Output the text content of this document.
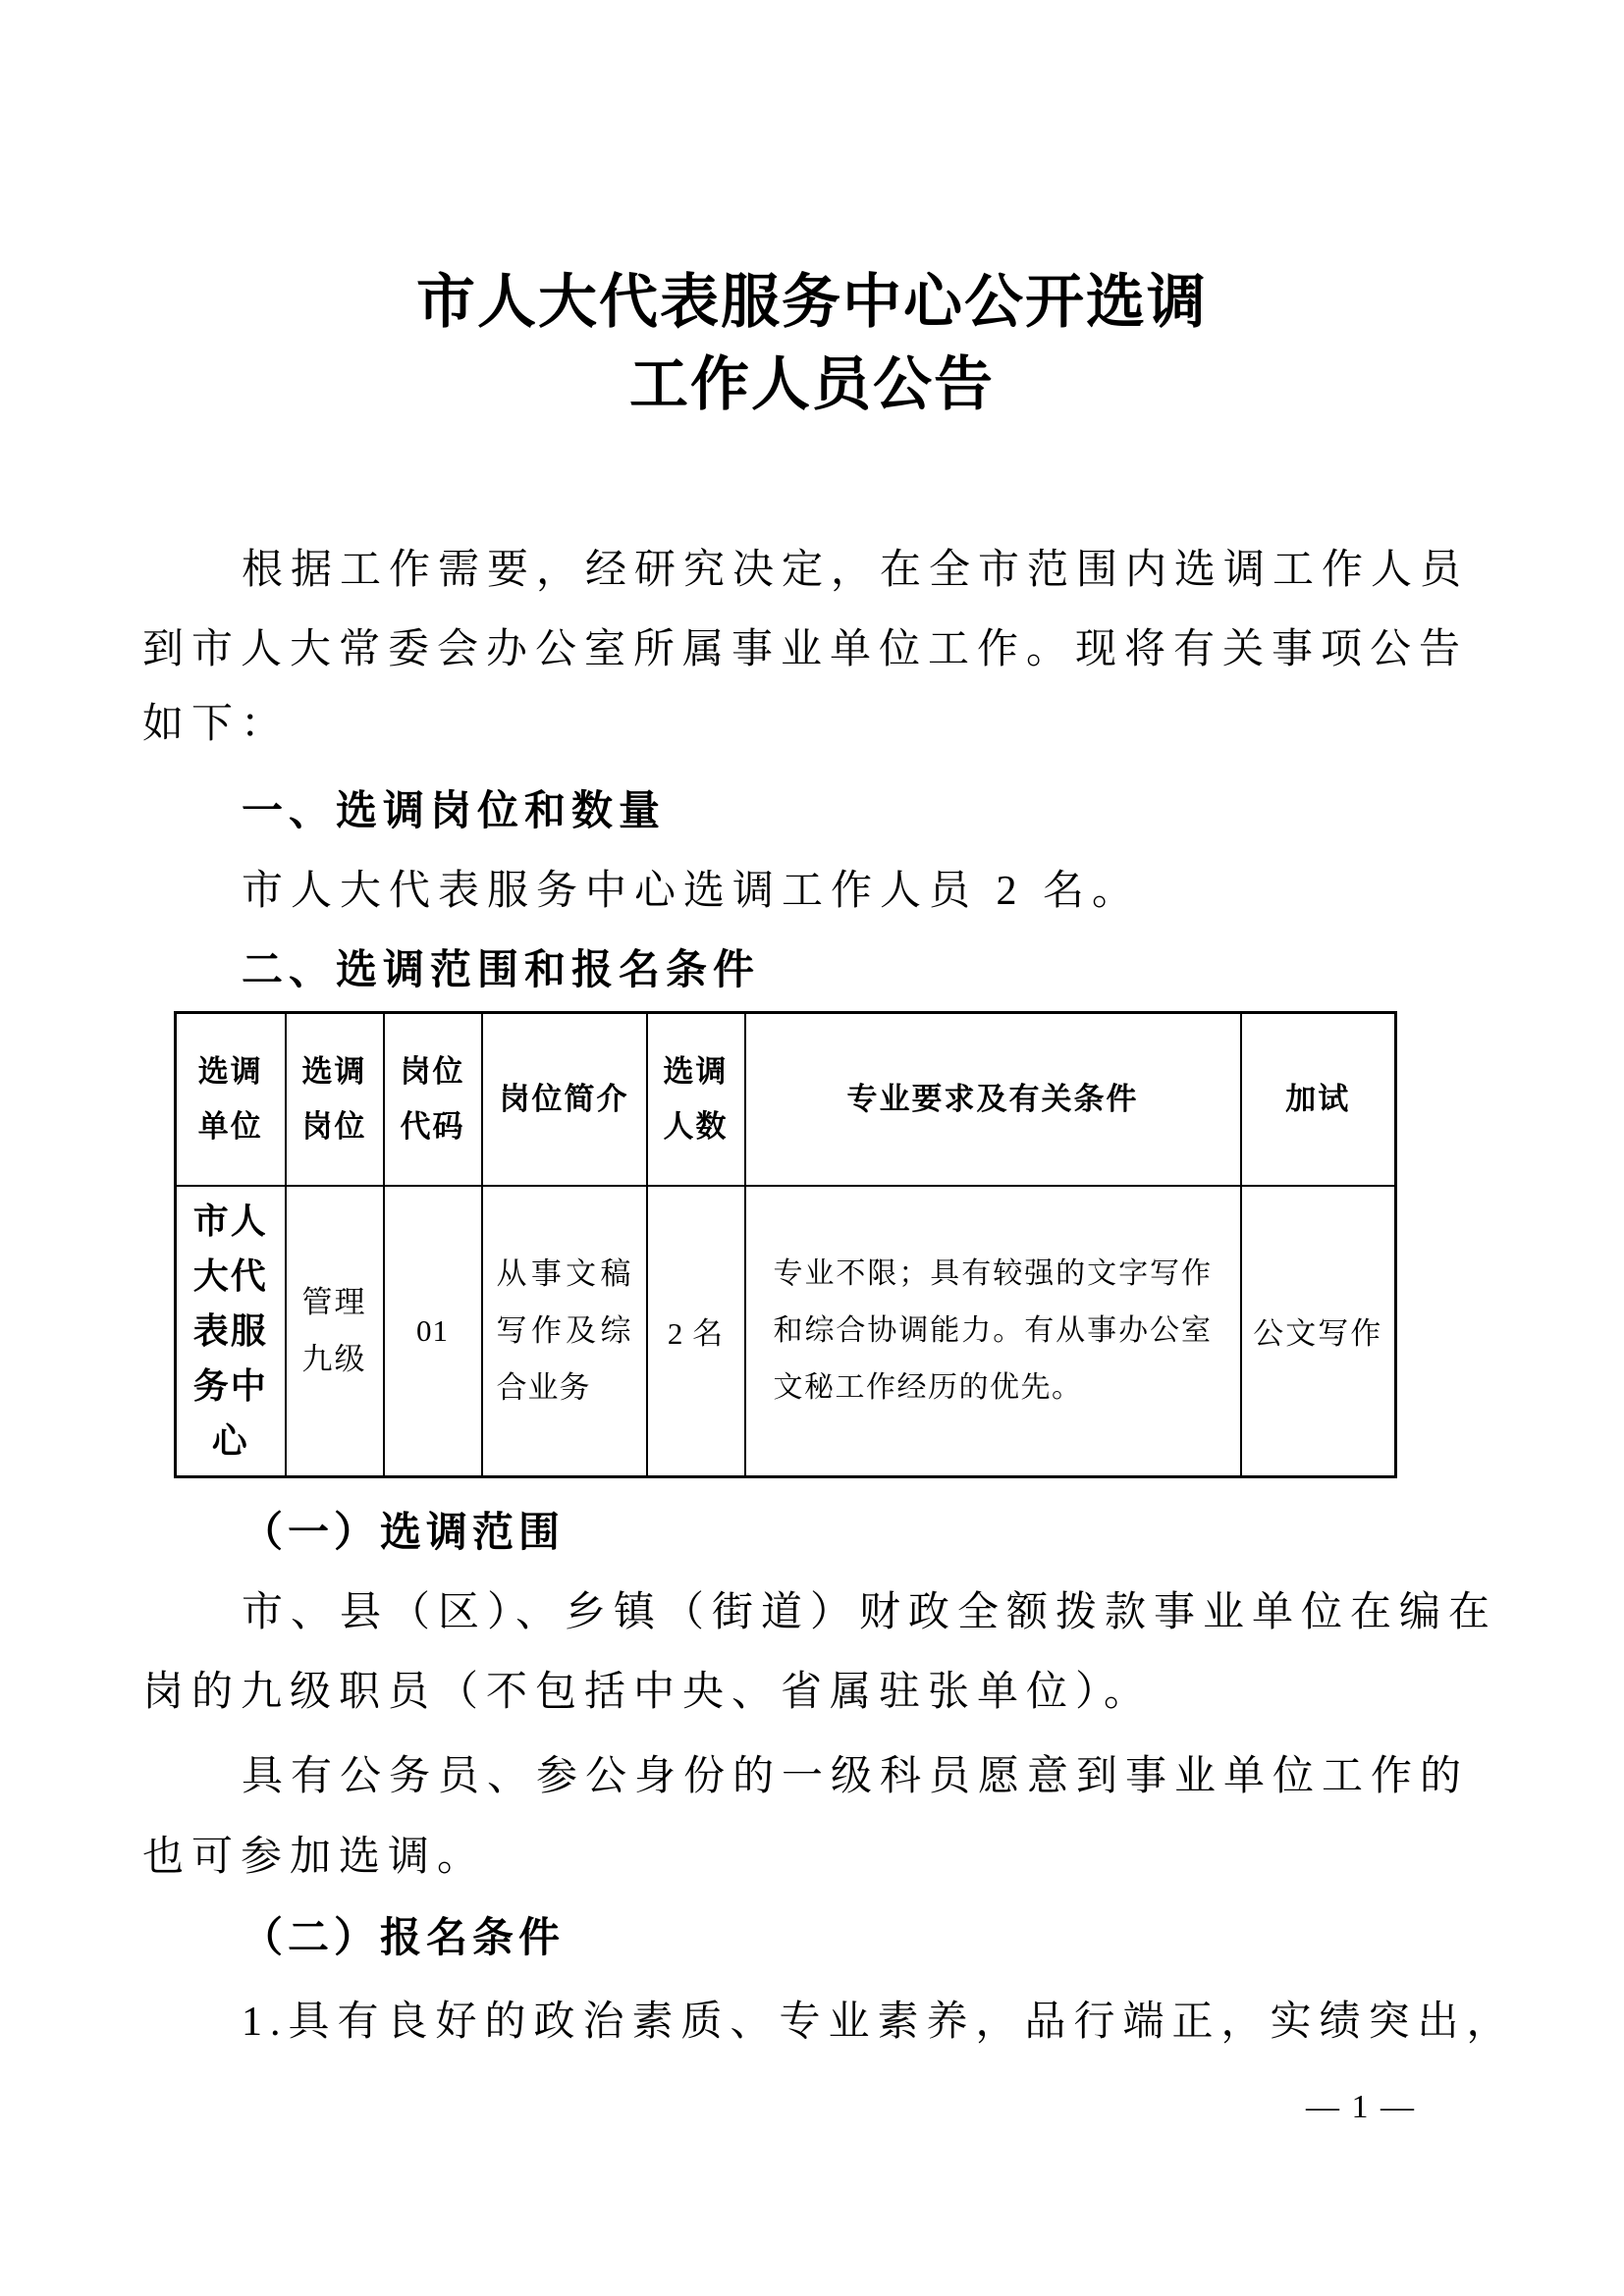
市人大代表服务中心公开选调
工作人员公告
根据工作需要，经研究决定，在全市范围内选调工作人员
到市人大常委会办公室所属事业单位工作。现将有关事项公告
如下：
一、选调岗位和数量
市人大代表服务中心选调工作人员 2 名。
二、选调范围和报名条件
选调单位	选调岗位	岗位代码	岗位简介	选调人数	专业要求及有关条件	加试
市人大代表服务中心	管理九级	01	从事文稿写作及综合业务	2 名	专业不限；具有较强的文字写作和综合协调能力。有从事办公室文秘工作经历的优先。	公文写作
（一）选调范围
市、县（区）、乡镇（街道）财政全额拨款事业单位在编在
岗的九级职员（不包括中央、省属驻张单位）。
具有公务员、参公身份的一级科员愿意到事业单位工作的
也可参加选调。
（二）报名条件
1.具有良好的政治素质、专业素养，品行端正，实绩突出，
— 1 —
